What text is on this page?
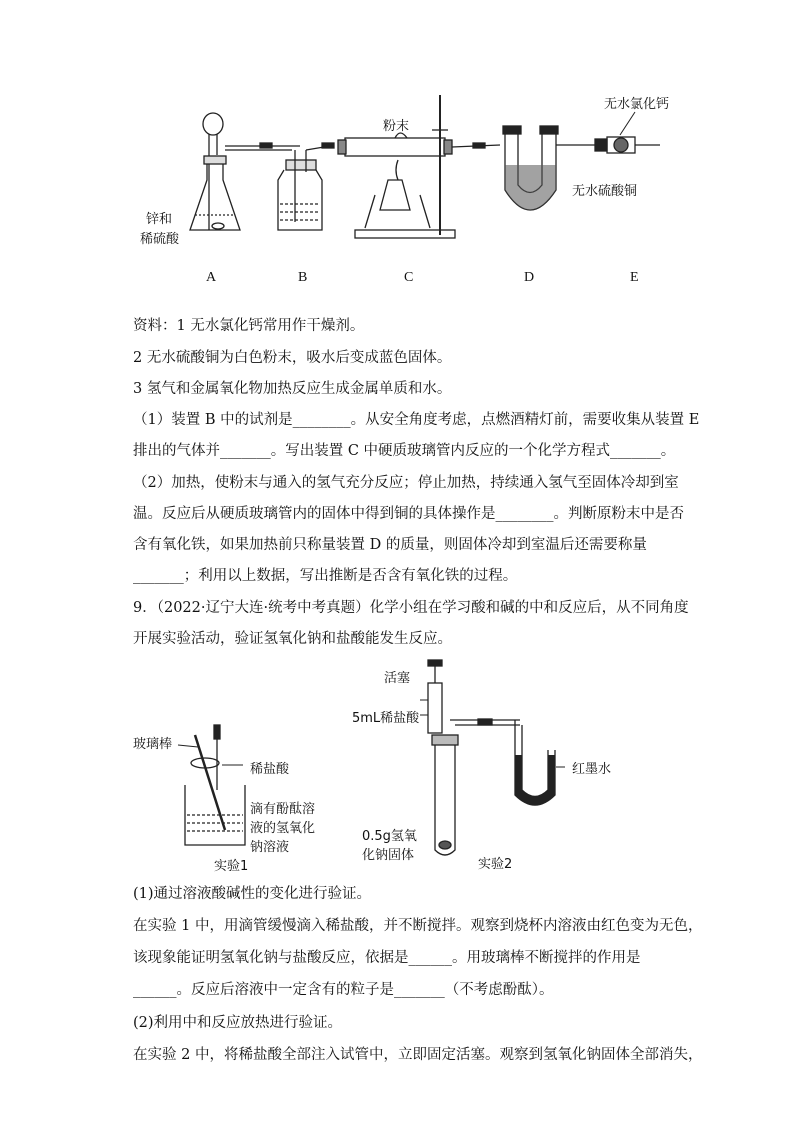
粉末
无水氯化钙
无水硫酸铜
锌和
稀硫酸
A	B	C	D	E
资料：1 无水氯化钙常用作干燥剂。
2 无水硫酸铜为白色粉末，吸水后变成蓝色固体。
3 氢气和金属氧化物加热反应生成金属单质和水。
（1）装置 B 中的试剂是________。从安全角度考虑，点燃酒精灯前，需要收集从装置 E
排出的气体并_______。写出装置 C 中硬质玻璃管内反应的一个化学方程式_______。
（2）加热，使粉末与通入的氢气充分反应；停止加热，持续通入氢气至固体冷却到室
温。反应后从硬质玻璃管内的固体中得到铜的具体操作是________。判断原粉末中是否
含有氧化铁，如果加热前只称量装置 D 的质量，则固体冷却到室温后还需要称量
_______；利用以上数据，写出推断是否含有氧化铁的过程。
9．（2022·辽宁大连·统考中考真题）化学小组在学习酸和碱的中和反应后，从不同角度
开展实验活动，验证氢氧化钠和盐酸能发生反应。
玻璃棒
稀盐酸
滴有酚酞溶
液的氢氧化
钠溶液
实验1
活塞
5mL稀盐酸
红墨水
0.5g氢氧
化钠固体
实验2
(1)通过溶液酸碱性的变化进行验证。
在实验 1 中，用滴管缓慢滴入稀盐酸，并不断搅拌。观察到烧杯内溶液由红色变为无色，
该现象能证明氢氧化钠与盐酸反应，依据是______。用玻璃棒不断搅拌的作用是
______。反应后溶液中一定含有的粒子是_______（不考虑酚酞）。
(2)利用中和反应放热进行验证。
在实验 2 中，将稀盐酸全部注入试管中，立即固定活塞。观察到氢氧化钠固体全部消失，
